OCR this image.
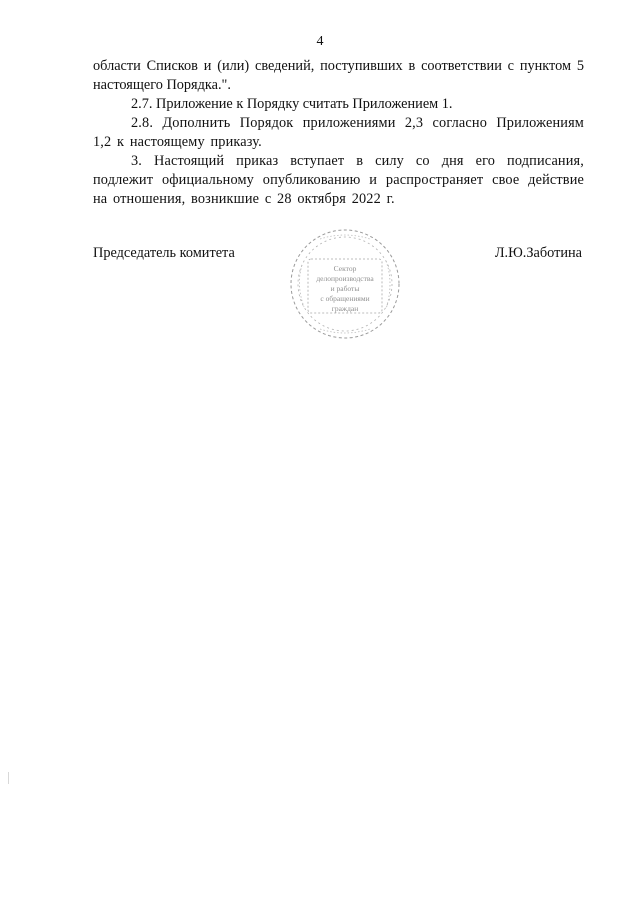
4

области Списков и (или) сведений, поступивших в соответствии с пунктом 5 настоящего Порядка.".

2.7. Приложение к Порядку считать Приложением 1.

2.8. Дополнить Порядок приложениями 2,3 согласно Приложениям 1,2 к настоящему приказу.

3. Настоящий приказ вступает в силу со дня его подписания, подлежит официальному опубликованию и распространяет свое действие на отношения, возникшие с 28 октября 2022 г.

Председатель комитета
Сектор
делопроизводства
и работы
с обращениями
граждан
Л.Ю.Заботина
